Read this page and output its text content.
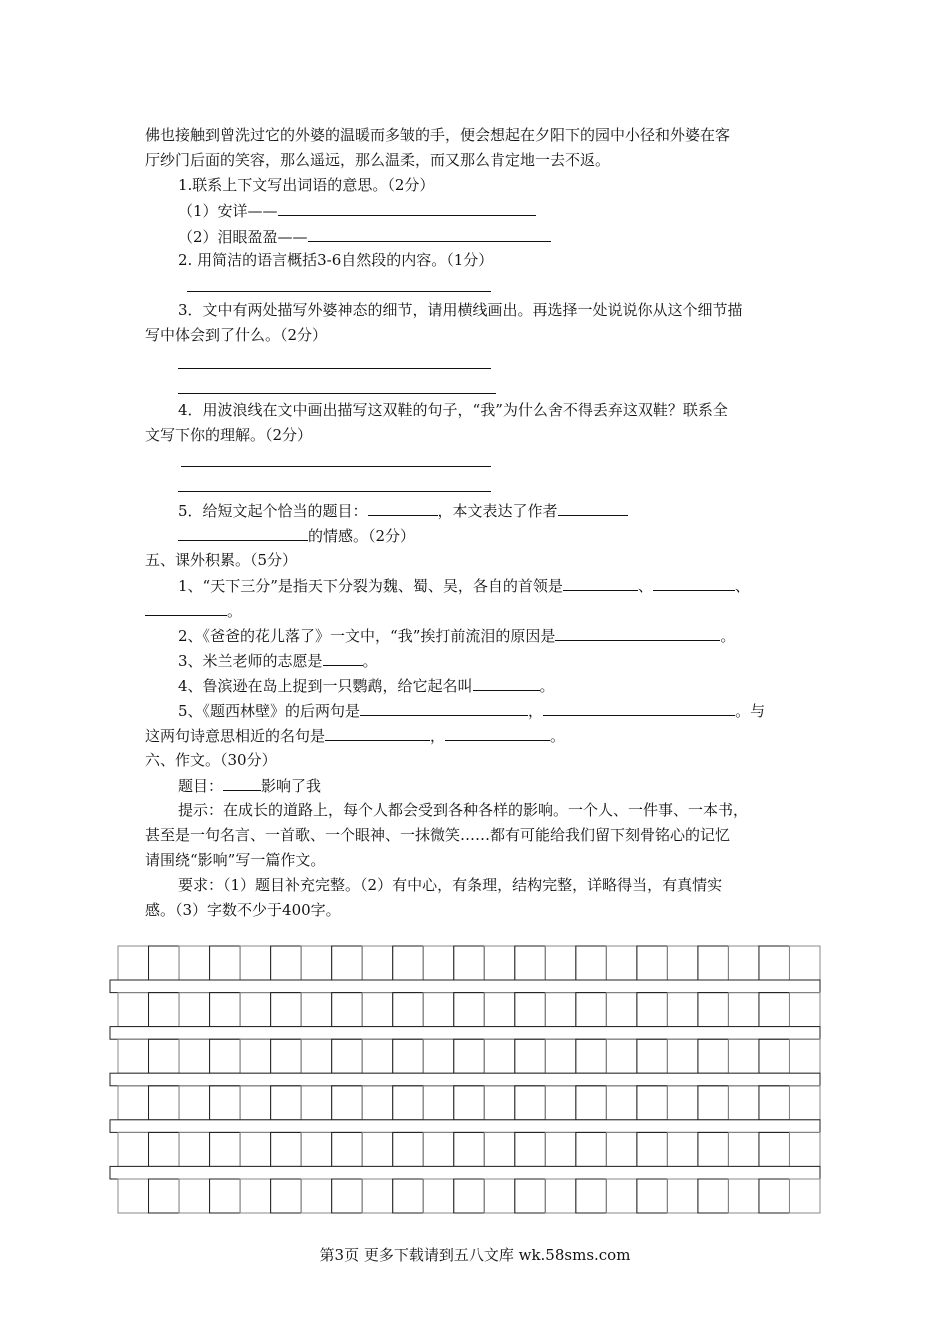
佛也接触到曾洗过它的外婆的温暖而多皱的手，便会想起在夕阳下的园中小径和外婆在客
厅纱门后面的笑容，那么遥远，那么温柔，而又那么肯定地一去不返。
1.联系上下文写出词语的意思。（2分）
（1）安详——
（2）泪眼盈盈——
2. 用简洁的语言概括3-6自然段的内容。（1分）
3．文中有两处描写外婆神态的细节，请用横线画出。再选择一处说说你从这个细节描
写中体会到了什么。（2分）
4．用波浪线在文中画出描写这双鞋的句子，“我”为什么舍不得丢弃这双鞋？联系全
文写下你的理解。（2分）
5．给短文起个恰当的题目：	，本文表达了作者
的情感。（2分）
五、课外积累。（5分）
1、“天下三分”是指天下分裂为魏、蜀、吴，各自的首领是	、	、
。
2、《爸爸的花儿落了》一文中，“我”挨打前流泪的原因是	。
3、米兰老师的志愿是	。
4、鲁滨逊在岛上捉到一只鹦鹉，给它起名叫	。
5、《题西林壁》的后两句是	，	。与
这两句诗意思相近的名句是	，	。
六、作文。（30分）
题目：	影响了我
提示：在成长的道路上，每个人都会受到各种各样的影响。一个人、一件事、一本书，
甚至是一句名言、一首歌、一个眼神、一抹微笑……都有可能给我们留下刻骨铭心的记忆
请围绕“影响”写一篇作文。
要求：（1）题目补充完整。（2）有中心，有条理，结构完整，详略得当，有真情实
感。（3）字数不少于400字。
第3页 更多下载请到五八文库 wk.58sms.com
